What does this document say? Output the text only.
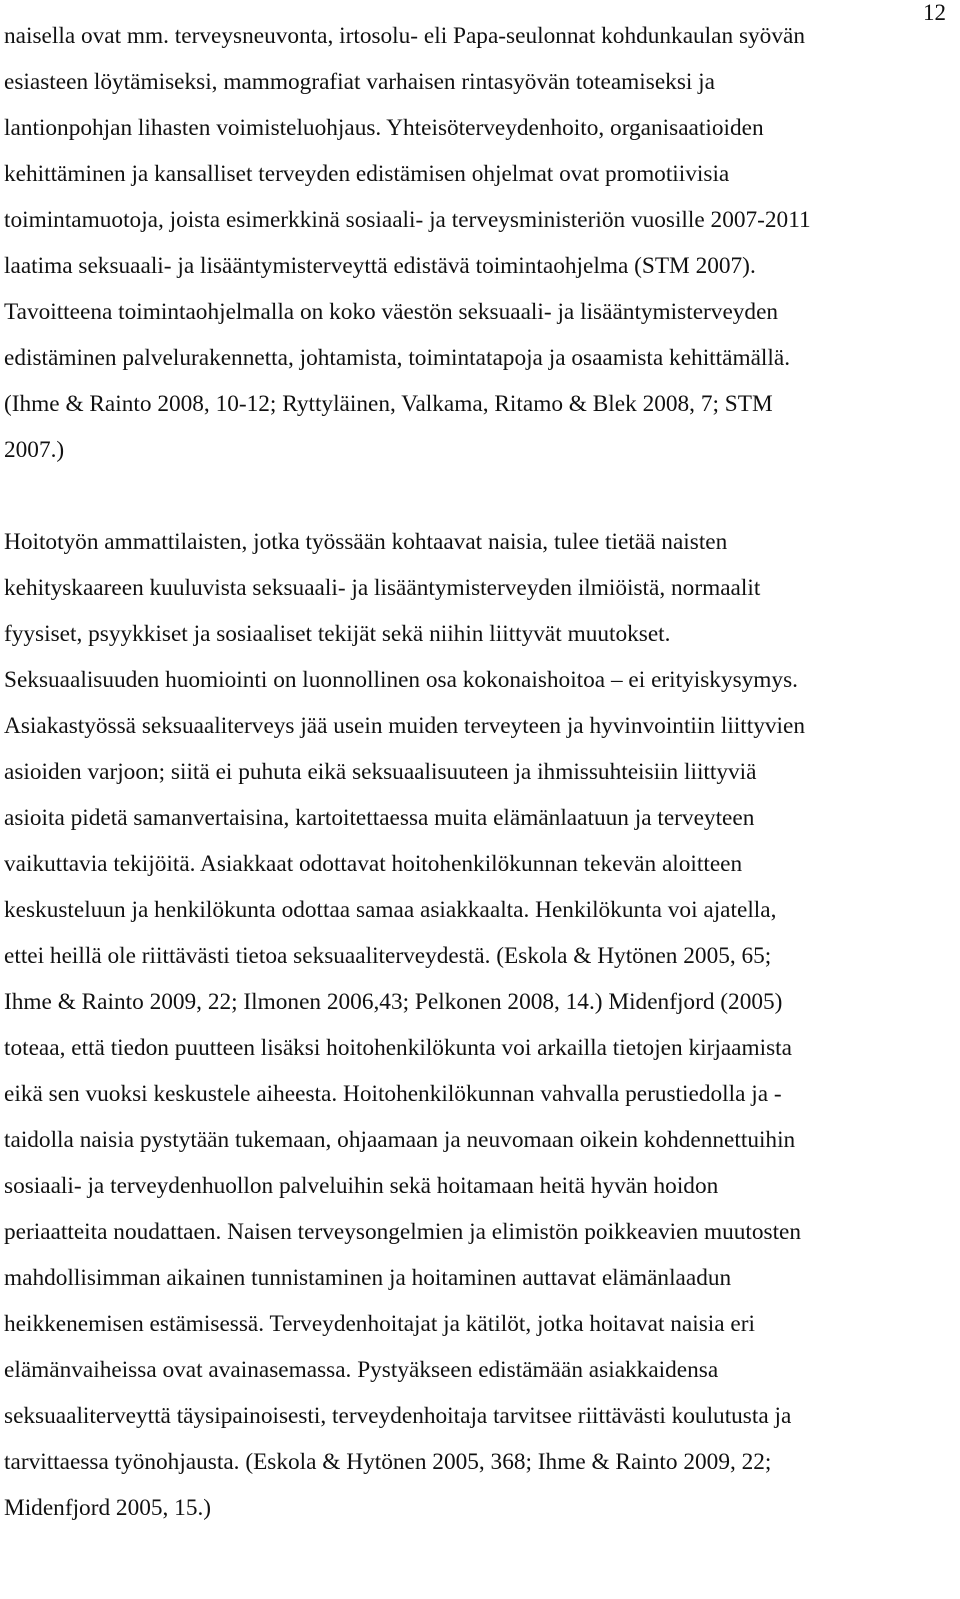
12
naisella ovat mm. terveysneuvonta, irtosolu- eli Papa-seulonnat kohdunkaulan syövän
esiasteen löytämiseksi, mammografiat varhaisen rintasyövän toteamiseksi ja
lantionpohjan lihasten voimisteluohjaus. Yhteisöterveydenhoito, organisaatioiden
kehittäminen ja kansalliset terveyden edistämisen ohjelmat ovat promotiivisia
toimintamuotoja, joista esimerkkinä sosiaali- ja terveysministeriön vuosille 2007-2011
laatima seksuaali- ja lisääntymisterveyttä edistävä toimintaohjelma (STM 2007).
Tavoitteena toimintaohjelmalla on koko väestön seksuaali- ja lisääntymisterveyden
edistäminen palvelurakennetta, johtamista, toimintatapoja ja osaamista kehittämällä.
(Ihme & Rainto 2008, 10-12; Ryttyläinen, Valkama, Ritamo & Blek 2008, 7; STM
2007.)
Hoitotyön ammattilaisten, jotka työssään kohtaavat naisia, tulee tietää naisten
kehityskaareen kuuluvista seksuaali- ja lisääntymisterveyden ilmiöistä, normaalit
fyysiset, psyykkiset ja sosiaaliset tekijät sekä niihin liittyvät muutokset.
Seksuaalisuuden huomiointi on luonnollinen osa kokonaishoitoa – ei erityiskysymys.
Asiakastyössä seksuaaliterveys jää usein muiden terveyteen ja hyvinvointiin liittyvien
asioiden varjoon; siitä ei puhuta eikä seksuaalisuuteen ja ihmissuhteisiin liittyviä
asioita pidetä samanvertaisina, kartoitettaessa muita elämänlaatuun ja terveyteen
vaikuttavia tekijöitä. Asiakkaat odottavat hoitohenkilökunnan tekevän aloitteen
keskusteluun ja henkilökunta odottaa samaa asiakkaalta. Henkilökunta voi ajatella,
ettei heillä ole riittävästi tietoa seksuaaliterveydestä. (Eskola & Hytönen 2005, 65;
Ihme & Rainto 2009, 22; Ilmonen 2006,43; Pelkonen 2008, 14.) Midenfjord (2005)
toteaa, että tiedon puutteen lisäksi hoitohenkilökunta voi arkailla tietojen kirjaamista
eikä sen vuoksi keskustele aiheesta. Hoitohenkilökunnan vahvalla perustiedolla ja -
taidolla naisia pystytään tukemaan, ohjaamaan ja neuvomaan oikein kohdennettuihin
sosiaali- ja terveydenhuollon palveluihin sekä hoitamaan heitä hyvän hoidon
periaatteita noudattaen. Naisen terveysongelmien ja elimistön poikkeavien muutosten
mahdollisimman aikainen tunnistaminen ja hoitaminen auttavat elämänlaadun
heikkenemisen estämisessä. Terveydenhoitajat ja kätilöt, jotka hoitavat naisia eri
elämänvaiheissa ovat avainasemassa. Pystyäkseen edistämään asiakkaidensa
seksuaaliterveyttä täysipainoisesti, terveydenhoitaja tarvitsee riittävästi koulutusta ja
tarvittaessa työnohjausta. (Eskola & Hytönen 2005, 368; Ihme & Rainto 2009, 22;
Midenfjord 2005, 15.)
